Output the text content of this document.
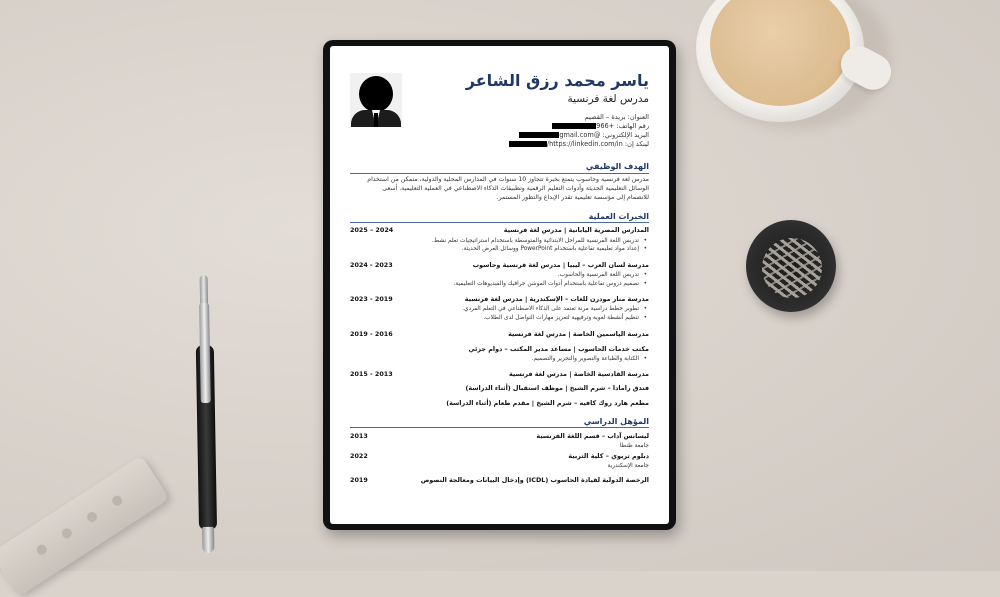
ياسر محمد رزق الشاعر
مدرس لغة فرنسية
العنوان: بريدة – القصيم
رقم الهاتف: +966
البريد الإلكتروني: @gmail.com
لينكد إن: https://linkedin.com/in/
الهدف الوظيفي
مدرس لغة فرنسية وحاسوب يتمتع بخبرة تتجاوز 10 سنوات في المدارس المحلية والدولية، متمكن من استخدام
الوسائل التعليمية الحديثة وأدوات التعليم الرقمية وتطبيقات الذكاء الاصطناعي في العملية التعليمية. أسعى
للانضمام إلى مؤسسة تعليمية تقدر الإبداع والتطور المستمر.
الخبرات العملية
المدارس المصرية اليابانية | مدرس لغة فرنسية
2025 – 2024
• تدريس اللغة الفرنسية للمراحل الابتدائية والمتوسطة باستخدام استراتيجيات تعلم نشط.
• إعداد مواد تعليمية تفاعلية باستخدام PowerPoint ووسائل العرض الحديثة.
مدرسة لسان العرب – ليبيا | مدرس لغة فرنسية وحاسوب
2024 - 2023
• تدريس اللغة الفرنسية والحاسوب.
• تصميم دروس تفاعلية باستخدام أدوات الموشن جرافيك والفيديوهات التعليمية.
مدرسة منار مودرن للغات – الإسكندرية | مدرس لغة فرنسية
2023 - 2019
• تطوير خطط دراسية مرنة تعتمد على الذكاء الاصطناعي في التعلم الفردي.
• تنظيم أنشطة لغوية وترفيهية لتعزيز مهارات التواصل لدى الطلاب.
مدرسة الياسمين الخاصة | مدرس لغة فرنسية
2019 - 2016
مكتب خدمات الحاسوب | مساعد مدير المكتب – دوام جزئي
• الكتابة والطباعة والتصوير والتحرير والتصميم.
مدرسة القادسية الخاصة | مدرس لغة فرنسية
2015 - 2013
فندق رامادا – شرم الشيخ | موظف استقبال (أثناء الدراسة)
مطعم هارد روك كافيه – شرم الشيخ | مقدم طعام (أثناء الدراسة)
المؤهل الدراسي
ليسانس آداب – قسم اللغة الفرنسية
2013
جامعة طنطا
دبلوم تربوي – كلية التربية
2022
جامعة الإسكندرية
الرخصة الدولية لقيادة الحاسوب (ICDL) وإدخال البيانات ومعالجة النصوص
2019
